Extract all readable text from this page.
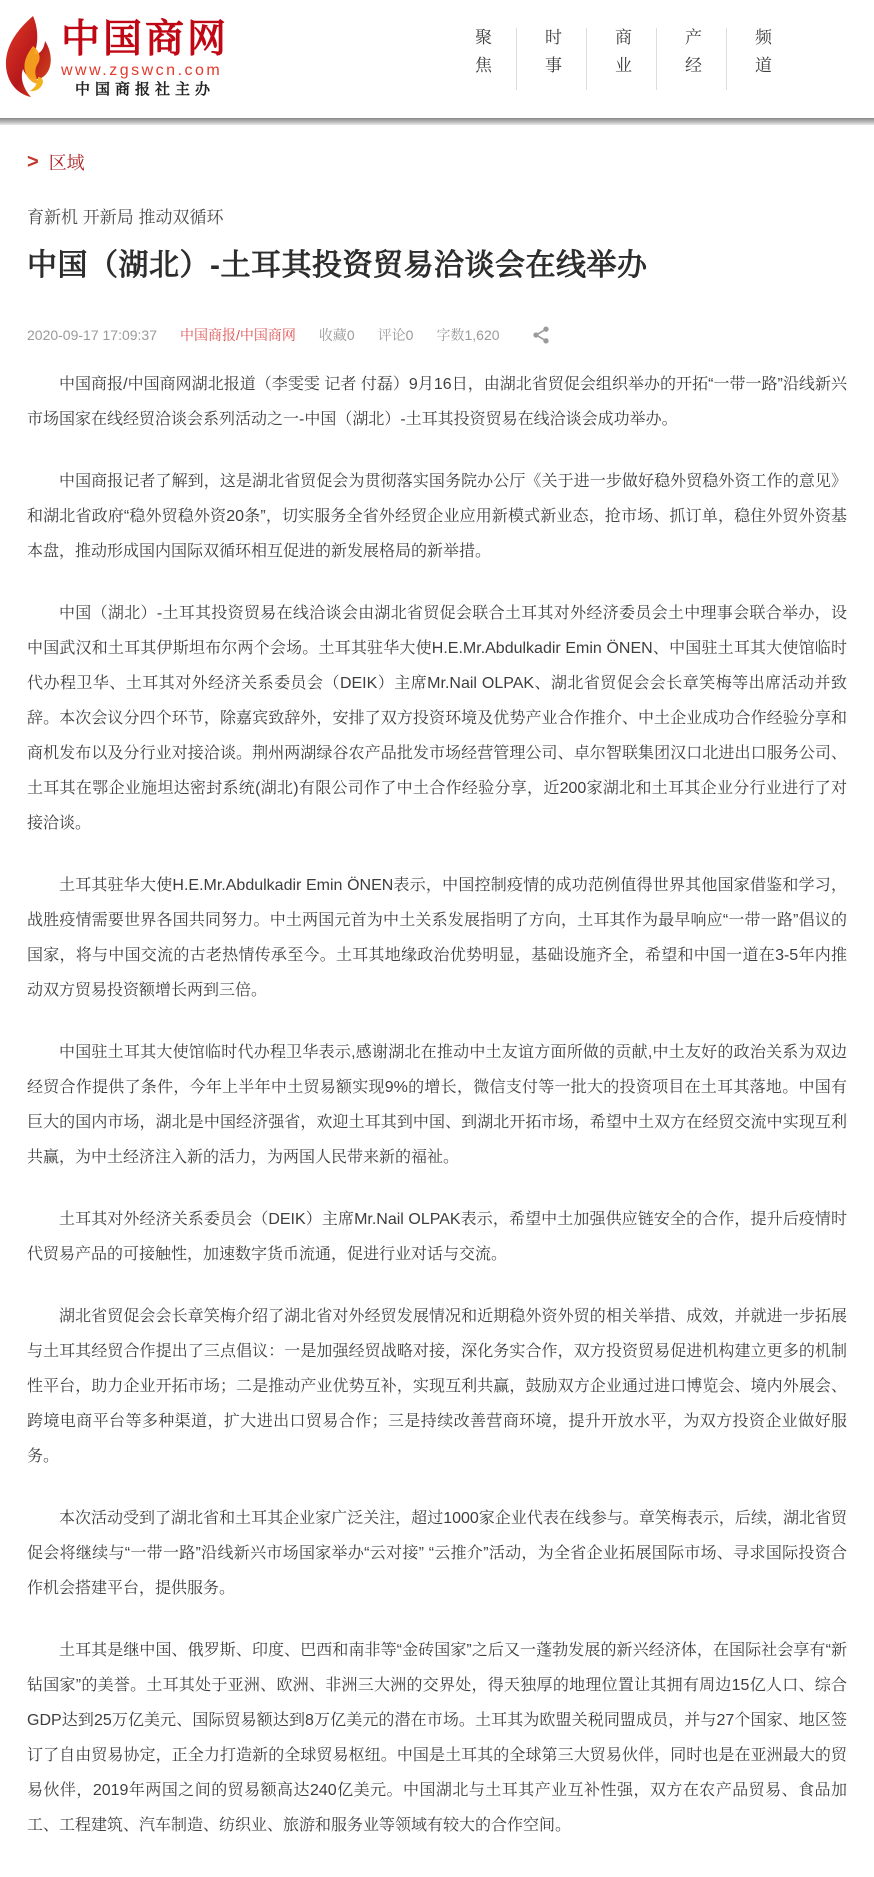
中国商网
www.zgswcn.com
中国商报社主办
聚焦	时事	商业	产经	频道
> 区域
育新机 开新局 推动双循环
中国（湖北）-土耳其投资贸易洽谈会在线举办
2020-09-17 17:09:37 中国商报/中国商网 收藏0 评论0 字数1,620

中国商报/中国商网湖北报道（李雯雯 记者 付磊）9月16日，由湖北省贸促会组织举办的开拓“一带一路”沿线新兴市场国家在线经贸洽谈会系列活动之一-中国（湖北）-土耳其投资贸易在线洽谈会成功举办。

中国商报记者了解到，这是湖北省贸促会为贯彻落实国务院办公厅《关于进一步做好稳外贸稳外资工作的意见》和湖北省政府“稳外贸稳外资20条”，切实服务全省外经贸企业应用新模式新业态，抢市场、抓订单，稳住外贸外资基本盘，推动形成国内国际双循环相互促进的新发展格局的新举措。

中国（湖北）-土耳其投资贸易在线洽谈会由湖北省贸促会联合土耳其对外经济委员会土中理事会联合举办，设中国武汉和土耳其伊斯坦布尔两个会场。土耳其驻华大使H.E.Mr.Abdulkadir Emin ÖNEN、中国驻土耳其大使馆临时代办程卫华、土耳其对外经济关系委员会（DEIK）主席Mr.Nail OLPAK、湖北省贸促会会长章笑梅等出席活动并致辞。本次会议分四个环节，除嘉宾致辞外，安排了双方投资环境及优势产业合作推介、中土企业成功合作经验分享和商机发布以及分行业对接洽谈。荆州两湖绿谷农产品批发市场经营管理公司、卓尔智联集团汉口北进出口服务公司、土耳其在鄂企业施坦达密封系统(湖北)有限公司作了中土合作经验分享，近200家湖北和土耳其企业分行业进行了对接洽谈。

土耳其驻华大使H.E.Mr.Abdulkadir Emin ÖNEN表示，中国控制疫情的成功范例值得世界其他国家借鉴和学习，战胜疫情需要世界各国共同努力。中土两国元首为中土关系发展指明了方向，土耳其作为最早响应“一带一路”倡议的国家，将与中国交流的古老热情传承至今。土耳其地缘政治优势明显，基础设施齐全，希望和中国一道在3-5年内推动双方贸易投资额增长两到三倍。

中国驻土耳其大使馆临时代办程卫华表示,感谢湖北在推动中土友谊方面所做的贡献,中土友好的政治关系为双边经贸合作提供了条件，今年上半年中土贸易额实现9%的增长，微信支付等一批大的投资项目在土耳其落地。中国有巨大的国内市场，湖北是中国经济强省，欢迎土耳其到中国、到湖北开拓市场，希望中土双方在经贸交流中实现互利共赢，为中土经济注入新的活力，为两国人民带来新的福祉。

土耳其对外经济关系委员会（DEIK）主席Mr.Nail OLPAK表示，希望中土加强供应链安全的合作，提升后疫情时代贸易产品的可接触性，加速数字货币流通，促进行业对话与交流。

湖北省贸促会会长章笑梅介绍了湖北省对外经贸发展情况和近期稳外资外贸的相关举措、成效，并就进一步拓展与土耳其经贸合作提出了三点倡议：一是加强经贸战略对接，深化务实合作，双方投资贸易促进机构建立更多的机制性平台，助力企业开拓市场；二是推动产业优势互补，实现互利共赢，鼓励双方企业通过进口博览会、境内外展会、跨境电商平台等多种渠道，扩大进出口贸易合作；三是持续改善营商环境，提升开放水平，为双方投资企业做好服务。

本次活动受到了湖北省和土耳其企业家广泛关注，超过1000家企业代表在线参与。章笑梅表示，后续，湖北省贸促会将继续与“一带一路”沿线新兴市场国家举办“云对接” “云推介”活动，为全省企业拓展国际市场、寻求国际投资合作机会搭建平台，提供服务。

土耳其是继中国、俄罗斯、印度、巴西和南非等“金砖国家”之后又一蓬勃发展的新兴经济体，在国际社会享有“新钻国家”的美誉。土耳其处于亚洲、欧洲、非洲三大洲的交界处，得天独厚的地理位置让其拥有周边15亿人口、综合GDP达到25万亿美元、国际贸易额达到8万亿美元的潜在市场。土耳其为欧盟关税同盟成员，并与27个国家、地区签订了自由贸易协定，正全力打造新的全球贸易枢纽。中国是土耳其的全球第三大贸易伙伴，同时也是在亚洲最大的贸易伙伴，2019年两国之间的贸易额高达240亿美元。中国湖北与土耳其产业互补性强，双方在农产品贸易、食品加工、工程建筑、汽车制造、纺织业、旅游和服务业等领域有较大的合作空间。
